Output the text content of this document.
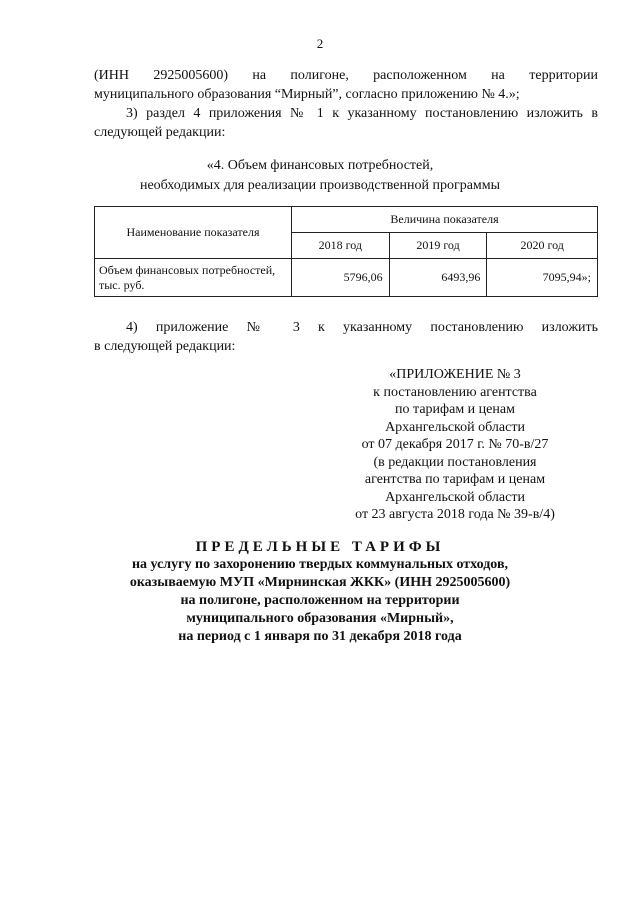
2
(ИНН 2925005600) на полигоне, расположенном на территории
муниципального образования “Мирный”, согласно приложению № 4.»;
3) раздел 4 приложения № 1 к указанному постановлению изложить в
следующей редакции:
«4. Объем финансовых потребностей,
необходимых для реализации производственной программы
Наименование показателя	Величина показателя		
	2018 год	2019 год	2020 год
Объем финансовых потребностей, тыс. руб.	5796,06	6493,96	7095,94»;
4) приложение № 3 к указанному постановлению изложить
в следующей редакции:
«ПРИЛОЖЕНИЕ № 3
к постановлению агентства
по тарифам и ценам
Архангельской области
от 07 декабря 2017 г. № 70-в/27
(в редакции постановления
агентства по тарифам и ценам
Архангельской области
от 23 августа 2018 года № 39-в/4)
ПРЕДЕЛЬНЫЕ ТАРИФЫ
на услугу по захоронению твердых коммунальных отходов,
оказываемую МУП «Мирнинская ЖКК» (ИНН 2925005600)
на полигоне, расположенном на территории
муниципального образования «Мирный»,
на период с 1 января по 31 декабря 2018 года
